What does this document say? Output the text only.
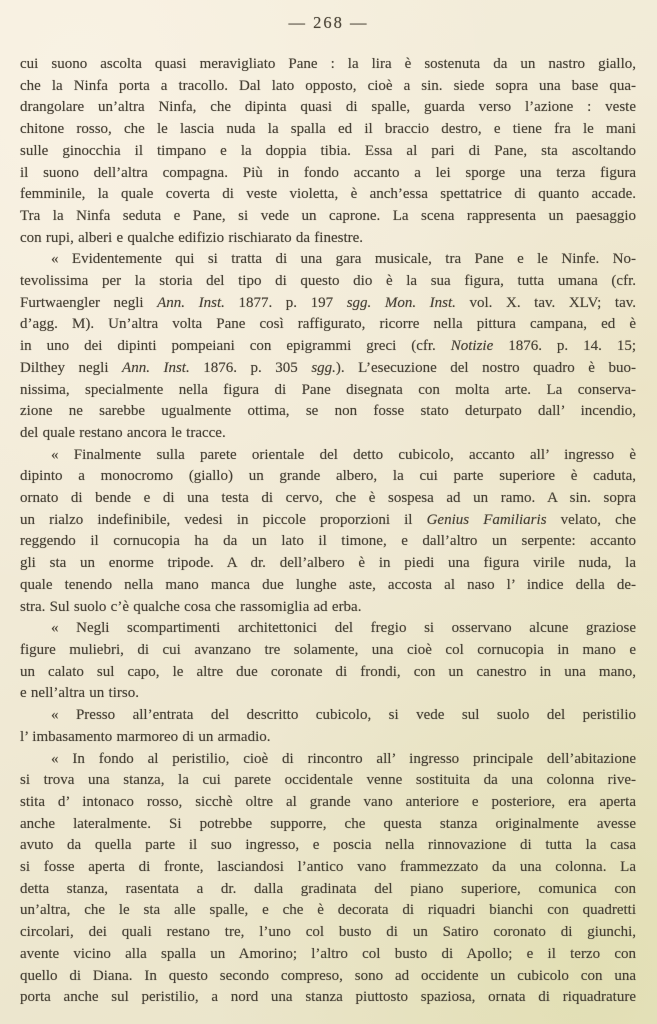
— 268 —
cui suono ascolta quasi meravigliato Pane : la lira è sostenuta da un nastro giallo,
che la Ninfa porta a tracollo. Dal lato opposto, cioè a sin. siede sopra una base qua-
drangolare un’altra Ninfa, che dipinta quasi di spalle, guarda verso l’azione : veste
chitone rosso, che le lascia nuda la spalla ed il braccio destro, e tiene fra le mani
sulle ginocchia il timpano e la doppia tibia. Essa al pari di Pane, sta ascoltando
il suono dell’altra compagna. Più in fondo accanto a lei sporge una terza figura
femminile, la quale coverta di veste violetta, è anch’essa spettatrice di quanto accade.
Tra la Ninfa seduta e Pane, si vede un caprone. La scena rappresenta un paesaggio
con rupi, alberi e qualche edifizio rischiarato da finestre.
« Evidentemente qui si tratta di una gara musicale, tra Pane e le Ninfe. No-
tevolissima per la storia del tipo di questo dio è la sua figura, tutta umana (cfr.
Furtwaengler negli Ann. Inst. 1877. p. 197 sgg. Mon. Inst. vol. X. tav. XLV; tav.
d’agg. M). Un’altra volta Pane così raffigurato, ricorre nella pittura campana, ed è
in uno dei dipinti pompeiani con epigrammi greci (cfr. Notizie 1876. p. 14. 15;
Dilthey negli Ann. Inst. 1876. p. 305 sgg.). L’esecuzione del nostro quadro è buo-
nissima, specialmente nella figura di Pane disegnata con molta arte. La conserva-
zione ne sarebbe ugualmente ottima, se non fosse stato deturpato dall’ incendio,
del quale restano ancora le tracce.
« Finalmente sulla parete orientale del detto cubicolo, accanto all’ ingresso è
dipinto a monocromo (giallo) un grande albero, la cui parte superiore è caduta,
ornato di bende e di una testa di cervo, che è sospesa ad un ramo. A sin. sopra
un rialzo indefinibile, vedesi in piccole proporzioni il Genius Familiaris velato, che
reggendo il cornucopia ha da un lato il timone, e dall’altro un serpente: accanto
gli sta un enorme tripode. A dr. dell’albero è in piedi una figura virile nuda, la
quale tenendo nella mano manca due lunghe aste, accosta al naso l’ indice della de-
stra. Sul suolo c’è qualche cosa che rassomiglia ad erba.
« Negli scompartimenti architettonici del fregio si osservano alcune graziose
figure muliebri, di cui avanzano tre solamente, una cioè col cornucopia in mano e
un calato sul capo, le altre due coronate di frondi, con un canestro in una mano,
e nell’altra un tirso.
« Presso all’entrata del descritto cubicolo, si vede sul suolo del peristilio
l’ imbasamento marmoreo di un armadio.
« In fondo al peristilio, cioè di rincontro all’ ingresso principale dell’abitazione
si trova una stanza, la cui parete occidentale venne sostituita da una colonna rive-
stita d’ intonaco rosso, sicchè oltre al grande vano anteriore e posteriore, era aperta
anche lateralmente. Si potrebbe supporre, che questa stanza originalmente avesse
avuto da quella parte il suo ingresso, e poscia nella rinnovazione di tutta la casa
si fosse aperta di fronte, lasciandosi l’antico vano frammezzato da una colonna. La
detta stanza, rasentata a dr. dalla gradinata del piano superiore, comunica con
un’altra, che le sta alle spalle, e che è decorata di riquadri bianchi con quadretti
circolari, dei quali restano tre, l’uno col busto di un Satiro coronato di giunchi,
avente vicino alla spalla un Amorino; l’altro col busto di Apollo; e il terzo con
quello di Diana. In questo secondo compreso, sono ad occidente un cubicolo con una
porta anche sul peristilio, a nord una stanza piuttosto spaziosa, ornata di riquadrature
